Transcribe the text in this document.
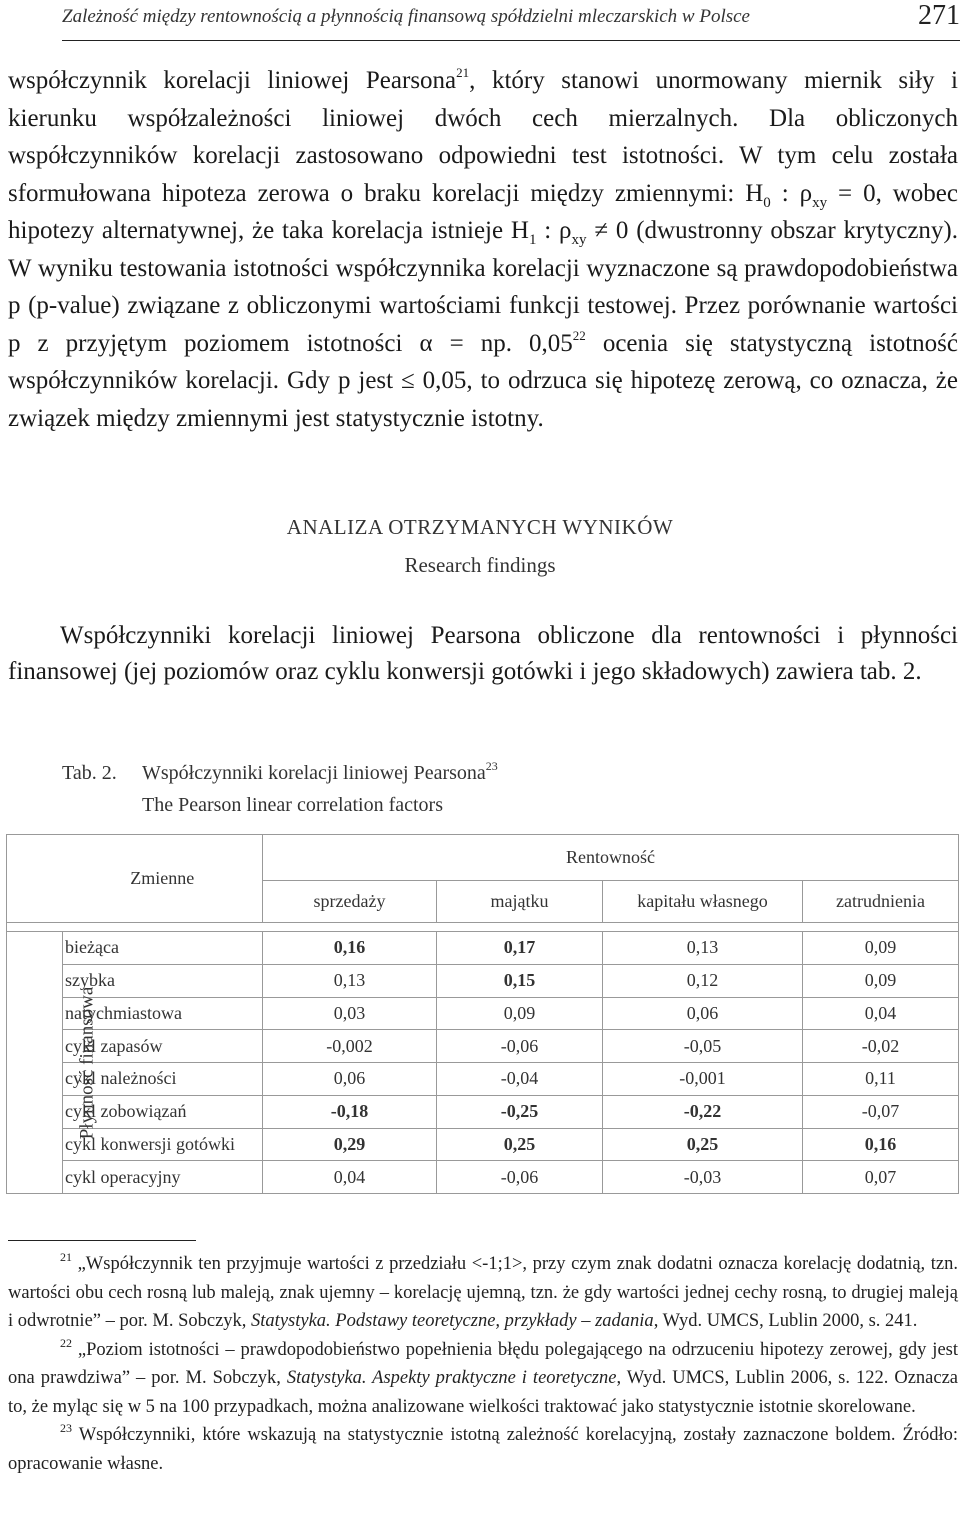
Zależność między rentownością a płynnością finansową spółdzielni mleczarskich w Polsce	271

współczynnik korelacji liniowej Pearsona$^{21}$, który stanowi unormowany miernik siły i kierunku współzależności liniowej dwóch cech mierzalnych. Dla obliczonych współczynników korelacji zastosowano odpowiedni test istotności. W tym celu została sformułowana hipoteza zerowa o braku korelacji między zmiennymi: $H_0$ : $\rho_{xy} = 0$, wobec hipotezy alternatywnej, że taka korelacja istnieje $H_1$ : $\rho_{xy} \ne 0$ (dwustronny obszar krytyczny). W wyniku testowania istotności współczynnika korelacji wyznaczone są prawdopodobieństwa p (p-value) związane z obliczonymi wartościami funkcji testowej. Przez porównanie wartości p z przyjętym poziomem istotności α = np. 0,05$^{22}$ ocenia się statystyczną istotność współczynników korelacji. Gdy p jest ≤ 0,05, to odrzuca się hipotezę zerową, co oznacza, że związek między zmiennymi jest statystycznie istotny.

ANALIZA OTRZYMANYCH WYNIKÓW
Research findings

Współczynniki korelacji liniowej Pearsona obliczone dla rentowności i płynności finansowej (jej poziomów oraz cyklu konwersji gotówki i jego składowych) zawiera tab. 2.

Tab. 2. Współczynniki korelacji liniowej Pearsona$^{23}$
The Pearson linear correlation factors
	Zmienne	Rentowność			
		sprzedaży	majątku	kapitału własnego	zatrudnienia

Płynność finansowa	bieżąca	0,16	0,17	0,13	0,09
	szybka	0,13	0,15	0,12	0,09
	natychmiastowa	0,03	0,09	0,06	0,04
	cykl zapasów	-0,002	-0,06	-0,05	-0,02
	cykl należności	0,06	-0,04	-0,001	0,11
	cykl zobowiązań	-0,18	-0,25	-0,22	-0,07
	cykl konwersji gotówki	0,29	0,25	0,25	0,16
	cykl operacyjny	0,04	-0,06	-0,03	0,07

$^{21}$ „Współczynnik ten przyjmuje wartości z przedziału <-1;1>, przy czym znak dodatni oznacza korelację dodatnią, tzn. wartości obu cech rosną lub maleją, znak ujemny – korelację ujemną, tzn. że gdy wartości jednej cechy rosną, to drugiej maleją i odwrotnie” – por. M. Sobczyk, Statystyka. Podstawy teoretyczne, przykłady – zadania, Wyd. UMCS, Lublin 2000, s. 241.

$^{22}$ „Poziom istotności – prawdopodobieństwo popełnienia błędu polegającego na odrzuceniu hipotezy zerowej, gdy jest ona prawdziwa” – por. M. Sobczyk, Statystyka. Aspekty praktyczne i teoretyczne, Wyd. UMCS, Lublin 2006, s. 122. Oznacza to, że myląc się w 5 na 100 przypadkach, można analizowane wielkości traktować jako statystycznie istotnie skorelowane.

$^{23}$ Współczynniki, które wskazują na statystycznie istotną zależność korelacyjną, zostały zaznaczone boldem. Źródło: opracowanie własne.
